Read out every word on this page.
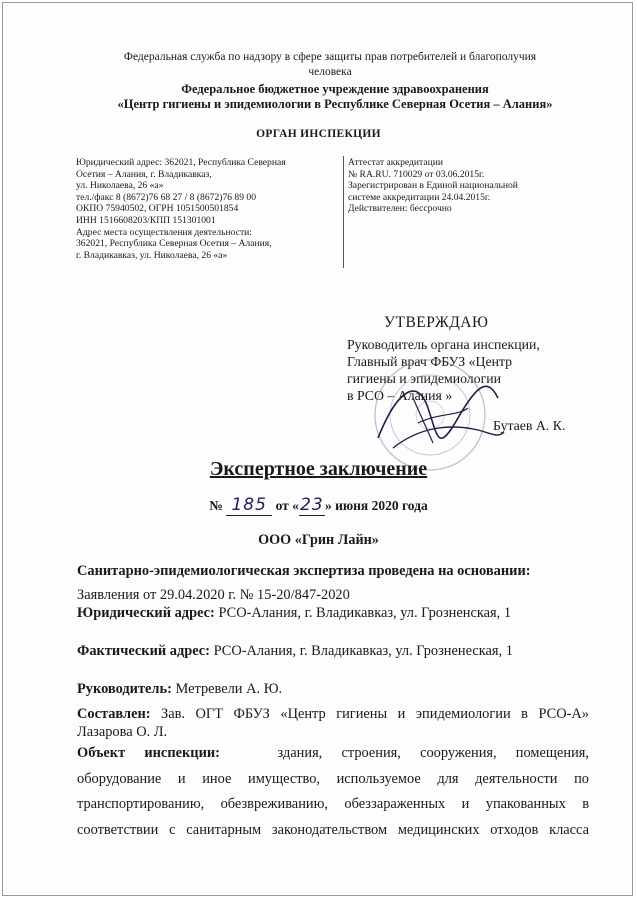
Федеральная служба по надзору в сфере защиты прав потребителей и благополучия
человека
Федеральное бюджетное учреждение здравоохранения
«Центр гигиены и эпидемиологии в Республике Северная Осетия – Алания»
ОРГАН ИНСПЕКЦИИ
Юридический адрес: 362021, Республика Северная
Осетия – Алания, г. Владикавказ,
ул. Николаева, 26 «а»
тел./факс 8 (8672)76 68 27 / 8 (8672)76 89 00
ОКПО 75940502, ОГРН 1051500501854
ИНН 1516608203/КПП 151301001
Адрес места осуществления деятельности:
362021, Республика Северная Осетия – Алания,
г. Владикавказ, ул. Николаева, 26 «а»
Аттестат аккредитации
№ RA.RU. 710029 от 03.06.2015г.
Зарегистрирован в Единой национальной
системе аккредитации 24.04.2015г.
Действителен: бессрочно
УТВЕРЖДАЮ
Руководитель органа инспекции,
Главный врач ФБУЗ «Центр
гигиены и эпидемиологии
в РСО – Алания »
Бутаев А. К.
Экспертное заключение
№ 185 от «23» июня 2020 года
ООО «Грин Лайн»
Санитарно-эпидемиологическая экспертиза проведена на основании:
Заявления от 29.04.2020 г. № 15-20/847-2020
Юридический адрес: РСО-Алания, г. Владикавказ, ул. Грозненская, 1
Фактический адрес: РСО-Алания, г. Владикавказ, ул. Грозненеская, 1
Руководитель: Метревели А. Ю.
Составлен: Зав. ОГТ ФБУЗ «Центр гигиены и эпидемиологии в РСО-А»
Лазарова О. Л.
Объект инспекции:	здания, строения, сооружения, помещения,
оборудование и иное имущество, используемое для деятельности по
транспортированию, обезвреживанию, обеззараженных и упакованных в
соответствии с санитарным законодательством медицинских отходов класса
